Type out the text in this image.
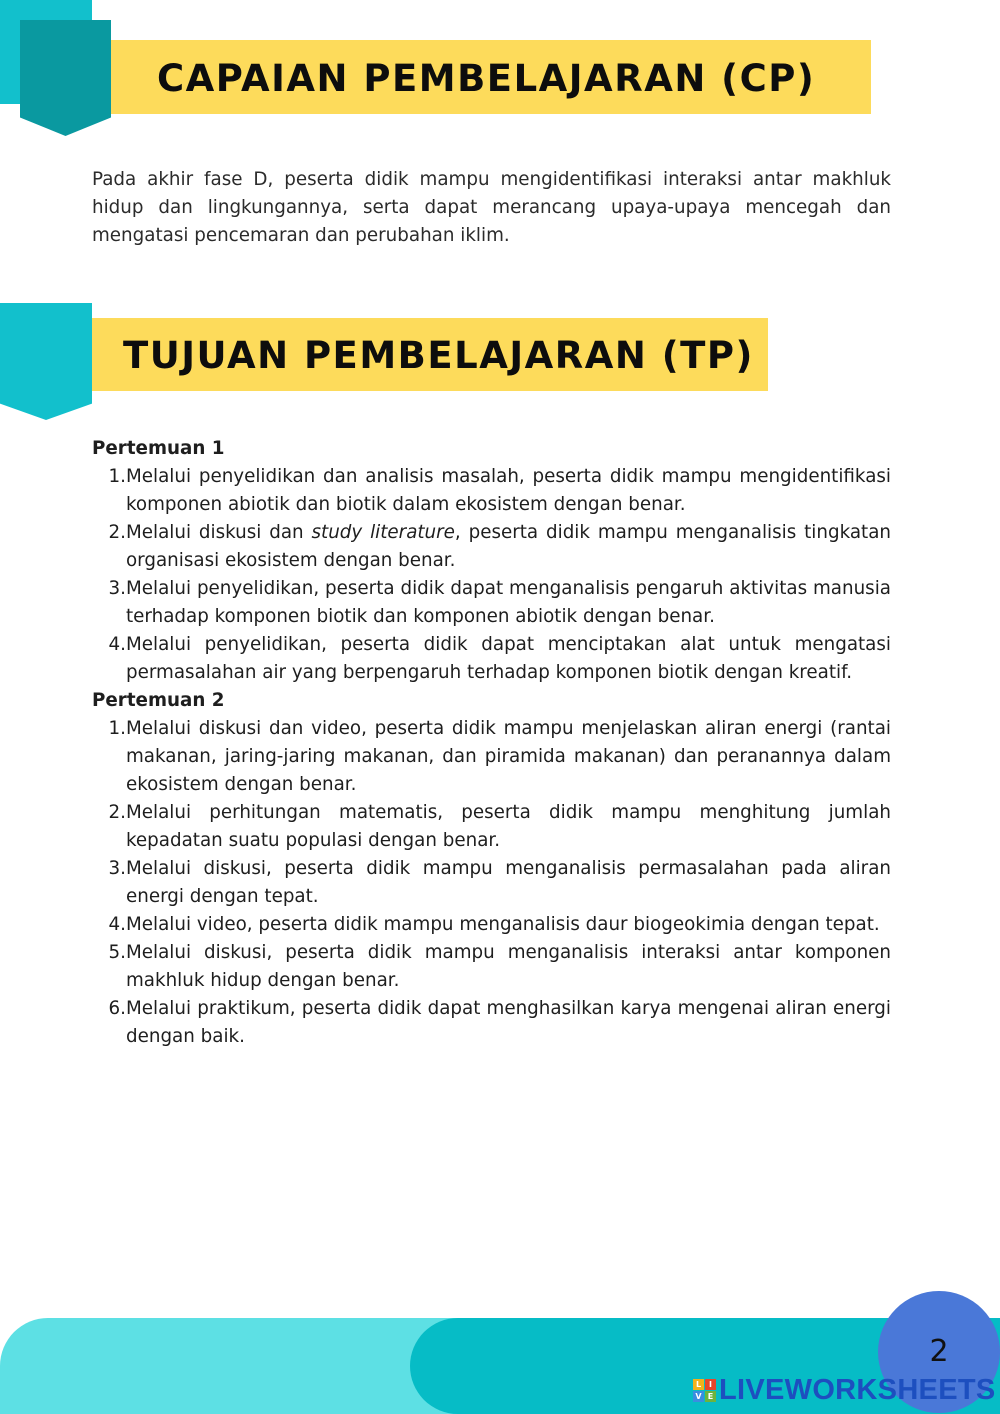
CAPAIAN PEMBELAJARAN (CP)
Pada akhir fase D, peserta didik mampu mengidentifikasi interaksi antar makhluk hidup dan lingkungannya, serta dapat merancang upaya-upaya mencegah dan mengatasi pencemaran dan perubahan iklim.
TUJUAN PEMBELAJARAN (TP)

Pertemuan 1

1. Melalui penyelidikan dan analisis masalah, peserta didik mampu mengidentifikasi komponen abiotik dan biotik dalam ekosistem dengan benar.
2. Melalui diskusi dan study literature, peserta didik mampu menganalisis tingkatan organisasi ekosistem dengan benar.
3. Melalui penyelidikan, peserta didik dapat menganalisis pengaruh aktivitas manusia terhadap komponen biotik dan komponen abiotik dengan benar.
4. Melalui penyelidikan, peserta didik dapat menciptakan alat untuk mengatasi permasalahan air yang berpengaruh terhadap komponen biotik dengan kreatif.

Pertemuan 2

1. Melalui diskusi dan video, peserta didik mampu menjelaskan aliran energi (rantai makanan, jaring-jaring makanan, dan piramida makanan) dan peranannya dalam ekosistem dengan benar.
2. Melalui perhitungan matematis, peserta didik mampu menghitung jumlah kepadatan suatu populasi dengan benar.
3. Melalui diskusi, peserta didik mampu menganalisis permasalahan pada aliran energi dengan tepat.
4. Melalui video, peserta didik mampu menganalisis daur biogeokimia dengan tepat.
5. Melalui diskusi, peserta didik mampu menganalisis interaksi antar komponen makhluk hidup dengan benar.
6. Melalui praktikum, peserta didik dapat menghasilkan karya mengenai aliran energi dengan baik.
2
L I
V E LIVEWORKSHEETS
